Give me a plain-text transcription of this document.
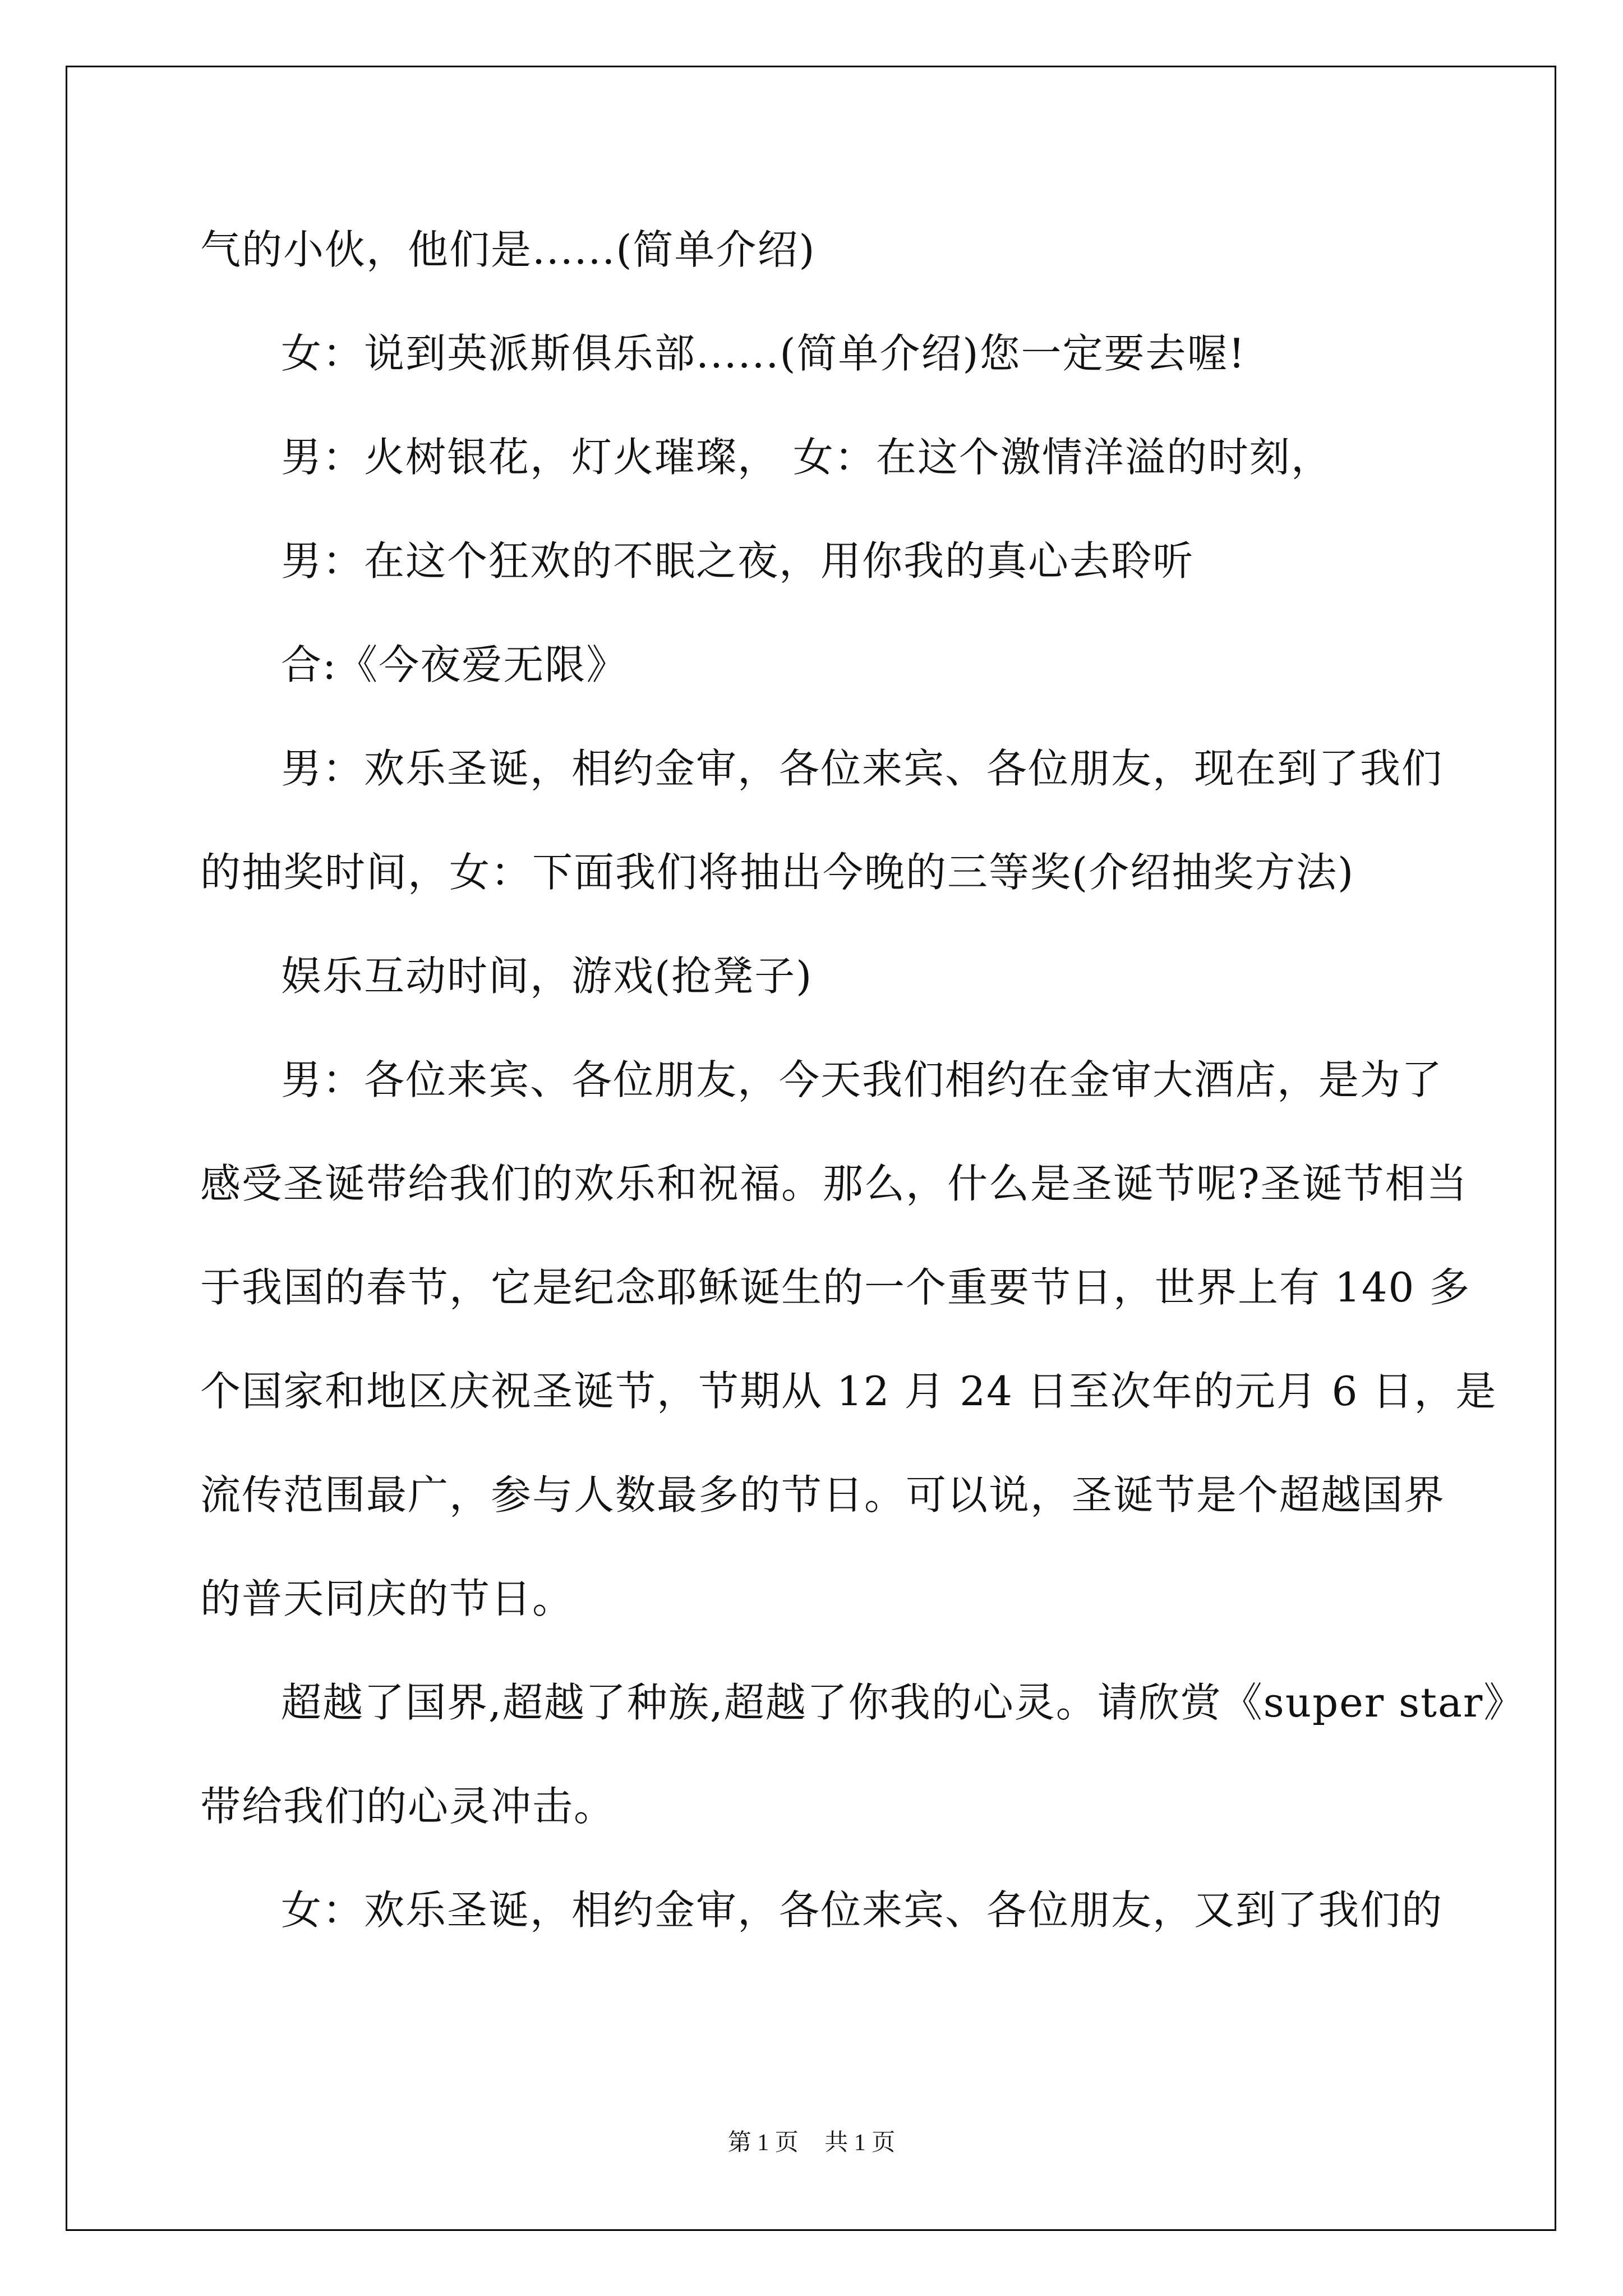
气的小伙，他们是......(简单介绍)
女：说到英派斯俱乐部......(简单介绍)您一定要去喔!
男：火树银花，灯火璀璨， 女：在这个激情洋溢的时刻，
男：在这个狂欢的不眠之夜，用你我的真心去聆听
合:《今夜爱无限》
男：欢乐圣诞，相约金审，各位来宾、各位朋友，现在到了我们
的抽奖时间，女：下面我们将抽出今晚的三等奖(介绍抽奖方法)
娱乐互动时间，游戏(抢凳子)
男：各位来宾、各位朋友，今天我们相约在金审大酒店，是为了
感受圣诞带给我们的欢乐和祝福。那么，什么是圣诞节呢?圣诞节相当
于我国的春节，它是纪念耶稣诞生的一个重要节日，世界上有 140 多
个国家和地区庆祝圣诞节，节期从 12 月 24 日至次年的元月 6 日，是
流传范围最广，参与人数最多的节日。可以说，圣诞节是个超越国界
的普天同庆的节日。
超越了国界,超越了种族,超越了你我的心灵。请欣赏《super star》
带给我们的心灵冲击。
女：欢乐圣诞，相约金审，各位来宾、各位朋友，又到了我们的
第 1 页 共 1 页
